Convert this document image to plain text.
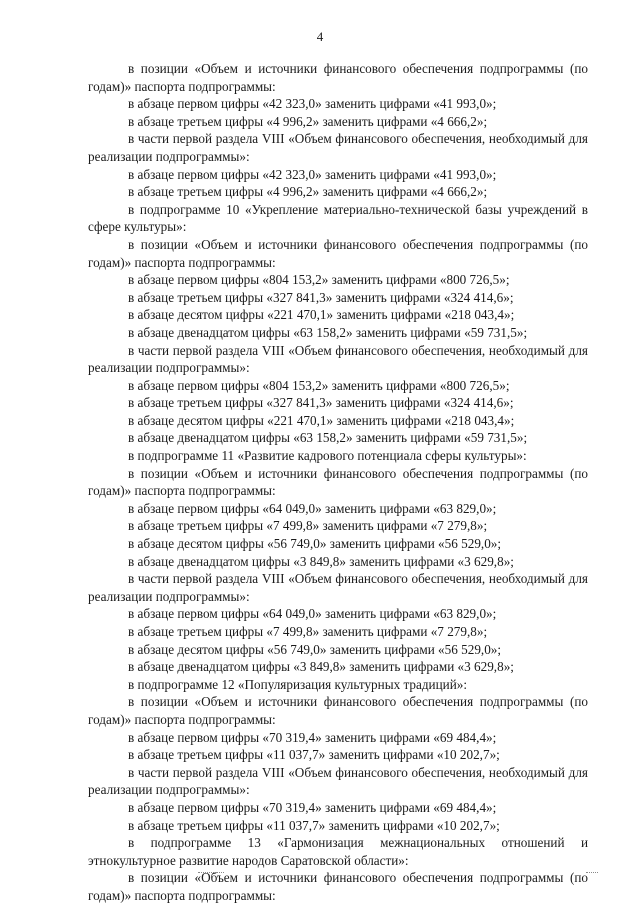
4
в позиции «Объем и источники финансового обеспечения подпрограммы (по годам)» паспорта подпрограммы:
в абзаце первом цифры «42 323,0» заменить цифрами «41 993,0»;
в абзаце третьем цифры «4 996,2» заменить цифрами «4 666,2»;
в части первой раздела VIII «Объем финансового обеспечения, необходимый для реализации подпрограммы»:
в абзаце первом цифры «42 323,0» заменить цифрами «41 993,0»;
в абзаце третьем цифры «4 996,2» заменить цифрами «4 666,2»;
в подпрограмме 10 «Укрепление материально-технической базы учреждений в сфере культуры»:
в позиции «Объем и источники финансового обеспечения подпрограммы (по годам)» паспорта подпрограммы:
в абзаце первом цифры «804 153,2» заменить цифрами «800 726,5»;
в абзаце третьем цифры «327 841,3» заменить цифрами «324 414,6»;
в абзаце десятом цифры «221 470,1» заменить цифрами «218 043,4»;
в абзаце двенадцатом цифры «63 158,2» заменить цифрами «59 731,5»;
в части первой раздела VIII «Объем финансового обеспечения, необходимый для реализации подпрограммы»:
в абзаце первом цифры «804 153,2» заменить цифрами «800 726,5»;
в абзаце третьем цифры «327 841,3» заменить цифрами «324 414,6»;
в абзаце десятом цифры «221 470,1» заменить цифрами «218 043,4»;
в абзаце двенадцатом цифры «63 158,2» заменить цифрами «59 731,5»;
в подпрограмме 11 «Развитие кадрового потенциала сферы культуры»:
в позиции «Объем и источники финансового обеспечения подпрограммы (по годам)» паспорта подпрограммы:
в абзаце первом цифры «64 049,0» заменить цифрами «63 829,0»;
в абзаце третьем цифры «7 499,8» заменить цифрами «7 279,8»;
в абзаце десятом цифры «56 749,0» заменить цифрами «56 529,0»;
в абзаце двенадцатом цифры «3 849,8» заменить цифрами «3 629,8»;
в части первой раздела VIII «Объем финансового обеспечения, необходимый для реализации подпрограммы»:
в абзаце первом цифры «64 049,0» заменить цифрами «63 829,0»;
в абзаце третьем цифры «7 499,8» заменить цифрами «7 279,8»;
в абзаце десятом цифры «56 749,0» заменить цифрами «56 529,0»;
в абзаце двенадцатом цифры «3 849,8» заменить цифрами «3 629,8»;
в подпрограмме 12 «Популяризация культурных традиций»:
в позиции «Объем и источники финансового обеспечения подпрограммы (по годам)» паспорта подпрограммы:
в абзаце первом цифры «70 319,4» заменить цифрами «69 484,4»;
в абзаце третьем цифры «11 037,7» заменить цифрами «10 202,7»;
в части первой раздела VIII «Объем финансового обеспечения, необходимый для реализации подпрограммы»:
в абзаце первом цифры «70 319,4» заменить цифрами «69 484,4»;
в абзаце третьем цифры «11 037,7» заменить цифрами «10 202,7»;
в подпрограмме 13 «Гармонизация межнациональных отношений и этнокультурное развитие народов Саратовской области»:
в позиции «Объем и источники финансового обеспечения подпрограммы (по годам)» паспорта подпрограммы:
